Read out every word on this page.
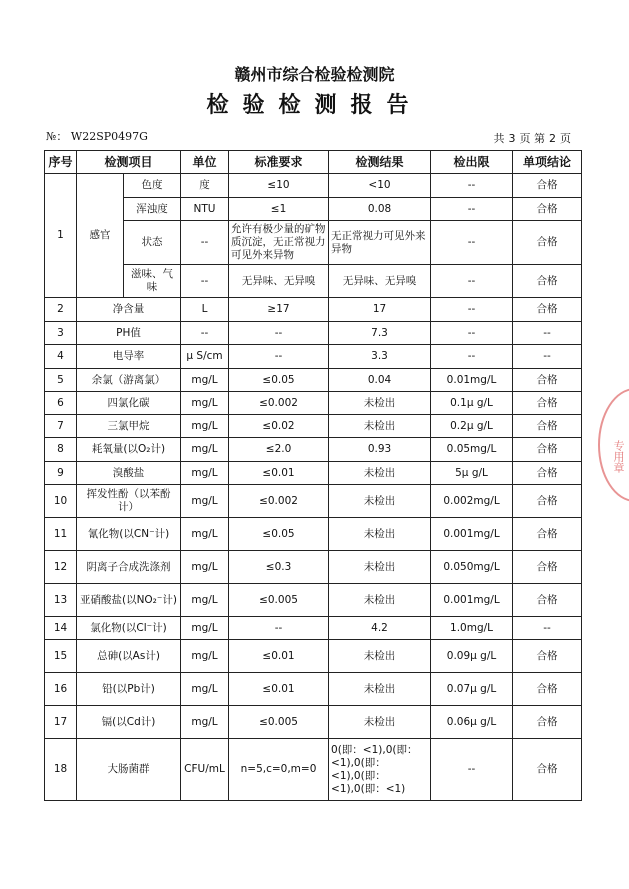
赣州市综合检验检测院
检验检测报告
№： W22SP0497G	共 3 页 第 2 页
序号	检测项目		单位	标准要求	检测结果	检出限	单项结论
1	感官	色度	度	≤10	<10	--	合格
		浑浊度	NTU	≤1	0.08	--	合格
		状态	--	允许有极少量的矿物质沉淀，无正常视力可见外来异物	无正常视力可见外来异物	--	合格
		滋味、气味	--	无异味、无异嗅	无异味、无异嗅	--	合格
2	净含量		L	≥17	17	--	合格
3	PH值		--	--	7.3	--	--
4	电导率		μ S/cm	--	3.3	--	--
5	余氯（游离氯）		mg/L	≤0.05	0.04	0.01mg/L	合格
6	四氯化碳		mg/L	≤0.002	未检出	0.1μ g/L	合格
7	三氯甲烷		mg/L	≤0.02	未检出	0.2μ g/L	合格
8	耗氧量(以O₂计)		mg/L	≤2.0	0.93	0.05mg/L	合格
9	溴酸盐		mg/L	≤0.01	未检出	5μ g/L	合格
10	挥发性酚（以苯酚计）		mg/L	≤0.002	未检出	0.002mg/L	合格
11	氰化物(以CN⁻计)		mg/L	≤0.05	未检出	0.001mg/L	合格
12	阴离子合成洗涤剂		mg/L	≤0.3	未检出	0.050mg/L	合格
13	亚硝酸盐(以NO₂⁻计)		mg/L	≤0.005	未检出	0.001mg/L	合格
14	氯化物(以Cl⁻计)		mg/L	--	4.2	1.0mg/L	--
15	总砷(以As计)		mg/L	≤0.01	未检出	0.09μ g/L	合格
16	铅(以Pb计)		mg/L	≤0.01	未检出	0.07μ g/L	合格
17	镉(以Cd计)		mg/L	≤0.005	未检出	0.06μ g/L	合格
18	大肠菌群		CFU/mL	n=5,c=0,m=0	0(即：<1),0(即：<1),0(即：<1),0(即：<1),0(即：<1)	--	合格
专用章
